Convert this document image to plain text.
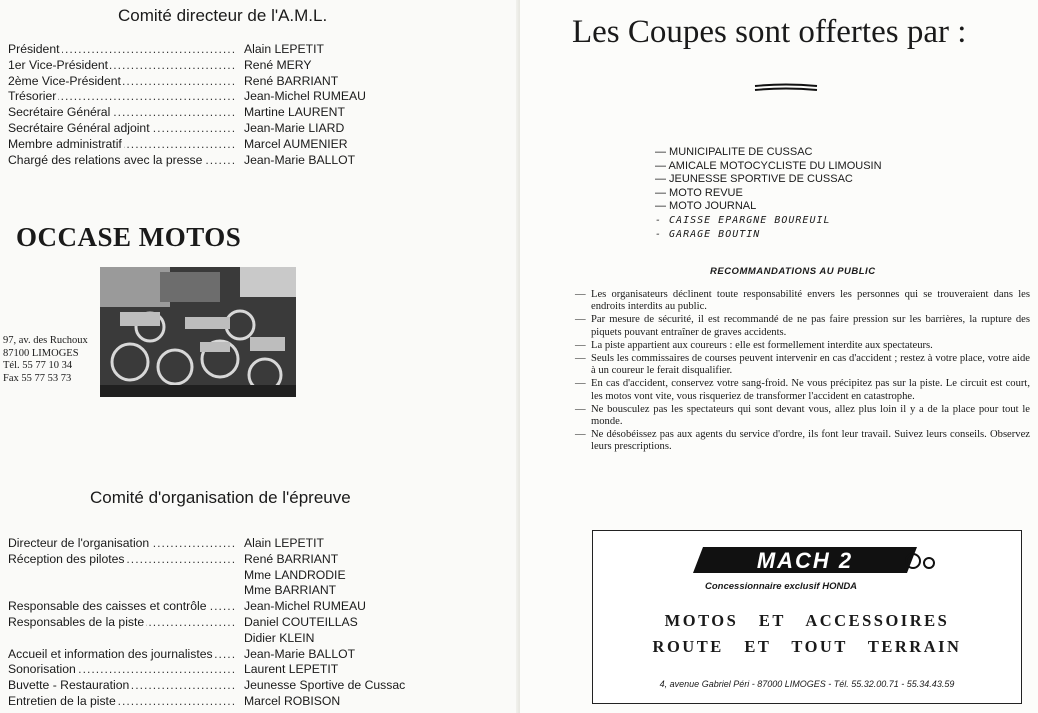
Comité directeur de l'A.M.L.
Président .....	Alain LEPETIT
1er Vice-Président .....	René MERY
2ème Vice-Président .....	René BARRIANT
Trésorier .....	Jean-Michel RUMEAU
Secrétaire Général .....	Martine LAURENT
Secrétaire Général adjoint .....	Jean-Marie LIARD
Membre administratif .....	Marcel AUMENIER
Chargé des relations avec la presse .....	Jean-Marie BALLOT
OCCASE MOTOS
97, av. des Ruchoux
87100 LIMOGES
Tél. 55 77 10 34
Fax 55 77 53 73
Comité d'organisation de l'épreuve
Directeur de l'organisation .....	Alain LEPETIT
Réception des pilotes .....	René BARRIANT
Mme LANDRODIE
Mme BARRIANT
Responsable des caisses et contrôle .....	Jean-Michel RUMEAU
Responsables de la piste .....	Daniel COUTEILLAS
Didier KLEIN
Accueil et information des journalistes .....	Jean-Marie BALLOT
Sonorisation .....	Laurent LEPETIT
Buvette - Restauration .....	Jeunesse Sportive de Cussac
Entretien de la piste .....	Marcel ROBISON
Les Coupes sont offertes par :
— MUNICIPALITE DE CUSSAC
— AMICALE MOTOCYCLISTE DU LIMOUSIN
— JEUNESSE SPORTIVE DE CUSSAC
— MOTO REVUE
— MOTO JOURNAL
- CAISSE EPARGNE BOUREUIL
- GARAGE BOUTIN
RECOMMANDATIONS AU PUBLIC
— Les organisateurs déclinent toute responsabilité envers les personnes qui se trouveraient dans les endroits interdits au public.
— Par mesure de sécurité, il est recommandé de ne pas faire pression sur les barrières, la rupture des piquets pouvant entraîner de graves accidents.
— La piste appartient aux coureurs : elle est formellement interdite aux spectateurs.
— Seuls les commissaires de courses peuvent intervenir en cas d'accident ; restez à votre place, votre aide à un coureur le ferait disqualifier.
— En cas d'accident, conservez votre sang-froid. Ne vous précipitez pas sur la piste. Le circuit est court, les motos vont vite, vous risqueriez de transformer l'accident en catastrophe.
— Ne bousculez pas les spectateurs qui sont devant vous, allez plus loin il y a de la place pour tout le monde.
— Ne désobéissez pas aux agents du service d'ordre, ils font leur travail. Suivez leurs conseils. Observez leurs prescriptions.
MACH 2
Concessionnaire exclusif HONDA
MOTOS ET ACCESSOIRES
ROUTE ET TOUT TERRAIN
4, avenue Gabriel Péri - 87000 LIMOGES - Tél. 55.32.00.71 - 55.34.43.59
